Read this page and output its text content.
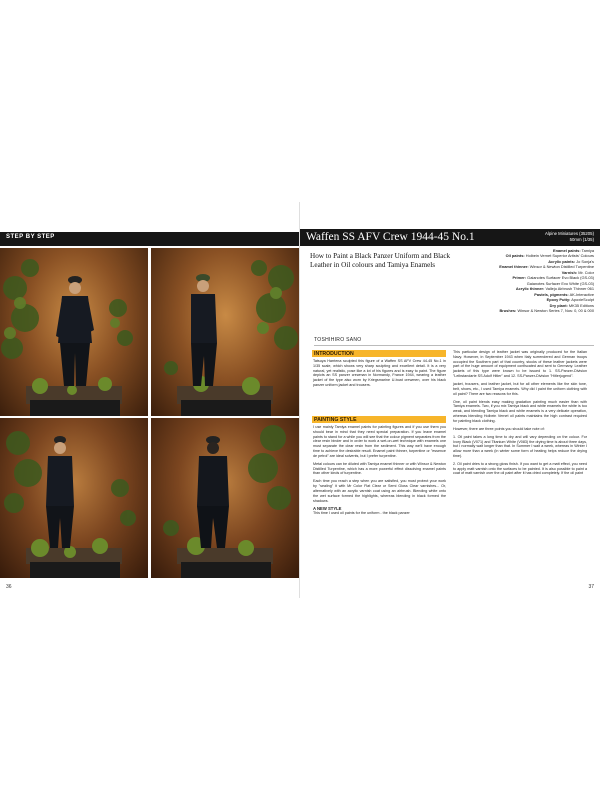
STEP BY STEP
36
Waffen SS AFV Crew 1944-45 No.1	Alpine Miniatures (35205)
50mm (1/35)
How to Paint a Black Panzer Uniform and Black Leather in Oil colours and Tamiya Enamels
Enamel paints: Tamiya
Oil paints: Holbein Vernet Superior Artists' Colours
Acrylic paints: Jo Sonja's
Enamel thinner: Winsor & Newton Distilled Turpentine
Varnish: Mr. Color
Primer: Gaianotes Surfacer Evo Black (GS-03)
Gaianotes Surfacer Evo White (GS-03)
Acrylic thinner: Vallejo Airbrush Thinner 061
Pastels, pigments: AK-Interactive
Epoxy Putty: ApoxieSculpt
Dry plant: MK35 Editions
Brushes: Winsor & Newton Series 7, Nos: 0, 00 & 000
TOSHIHIRO SANO
INTRODUCTION

Tatsuya Harriena sculpted this figure of a Waffen SS AFV Crew 44-45 No.1 in 1/35 scale, which shows very sharp sculpting and excellent detail. It is a very natural, yet realistic, pose like a lot of his figures and is easy to paint. The figure depicts an SS panzer crewman in Normandy, France 1944, wearing a leather jacket of the type also worn by Kriegsmarine U-boat crewmen, over his black panzer uniform jacket and trousers.

PAINTING STYLE

I use mainly Tamiya enamel paints for painting figures and if you use them you should bear in mind that they need special preparation. If you leave enamel paints to stand for a while you will see that the colour pigment separates from the clear resin binder and in order to work a wet-on-wet technique with enamels one must separate the clear resin from the sediment. This way we'll have enough time to achieve the desirable result. Enamel paint thinner, turpentine or "essence de petrol" are ideal solvents, but I prefer turpentine.

Metal colours can be diluted with Tamiya enamel thinner or with Winsor & Newton Distilled Turpentine, which has a more powerful effect dissolving enamel paints than other kinds of turpentine.

Each time you reach a step when you are satisfied, you must protect your work by "sealing" it with Mr Color Flat Clear or Semi Gloss Clear varnishes... Or, alternatively with an acrylic varnish coat using an airbrush. Blending white onto the wet surface formed the highlights, whereas blending in black formed the shadows.

A NEW STYLE

This time I used oil paints for the uniform - the black panzer

This particular design of leather jacket was originally produced for the Italian Navy. However, in September 1943 when Italy surrendered and German troops occupied the Southern part of that country, stocks of these leather jackets were part of the huge amount of equipment confiscated and sent to Germany. Leather jackets of this type were known to be issued to 1. SS-Panzer-Division "Leibstandarte SS Adolf Hitler" and 12. SS-Panzer-Division "Hitlerjugend".

jacket, trousers, and leather jacket, but for all other elements like the skin tone, belt, shoes, etc., I used Tamiya enamels. Why did I paint the uniform clothing with oil paint? There are two reasons for this.

One, oil paint blends easy making gradation painting much easier than with Tamiya enamels. Two, if you mix Tamiya black and white enamels the white is too weak, and blending Tamiya black and white enamels is a very delicate operation, whereas blending Holbein Vernet oil paints maintains the high contrast required for painting black clothing.

However, there are three points you should take note of:

1. Oil paint takes a long time to dry and will vary depending on the colour. For Ivory Black (V071) and Titanium White (V083) the drying time is about three days, but I normally wait longer than that. In Summer I wait a week, whereas in Winter I allow more than a week (in winter some form of heating helps reduce the drying time).

2. Oil paint dries to a strong gloss finish. If you want to get a matt effect, you need to apply matt varnish onto the surfaces to be painted. It is also possible to paint a coat of matt varnish over the oil paint after it has dried completely. If the oil paint

37
